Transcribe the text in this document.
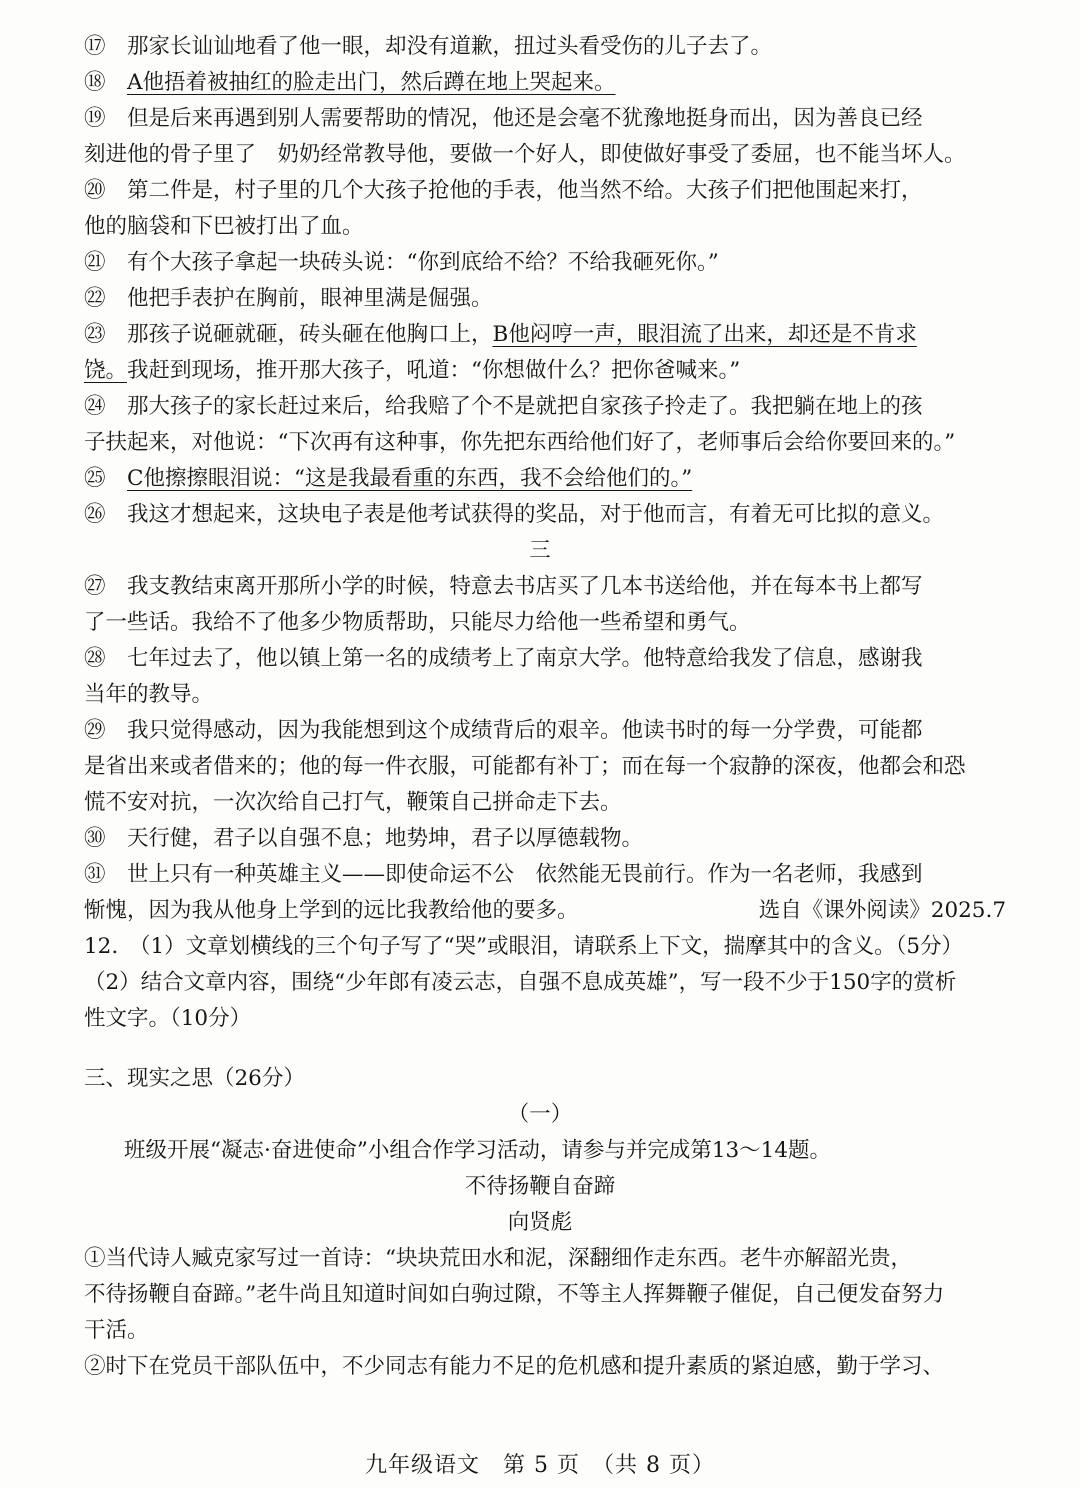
⑰　那家长讪讪地看了他一眼，却没有道歉，扭过头看受伤的儿子去了。
⑱　A他捂着被抽红的脸走出门，然后蹲在地上哭起来。
⑲　但是后来再遇到别人需要帮助的情况，他还是会毫不犹豫地挺身而出，因为善良已经
刻进他的骨子里了　奶奶经常教导他，要做一个好人，即使做好事受了委屈，也不能当坏人。
⑳　第二件是，村子里的几个大孩子抢他的手表，他当然不给。大孩子们把他围起来打，
他的脑袋和下巴被打出了血。
㉑　有个大孩子拿起一块砖头说：“你到底给不给？不给我砸死你。”
㉒　他把手表护在胸前，眼神里满是倔强。
㉓　那孩子说砸就砸，砖头砸在他胸口上，B他闷哼一声，眼泪流了出来，却还是不肯求
饶。我赶到现场，推开那大孩子，吼道：“你想做什么？把你爸喊来。”
㉔　那大孩子的家长赶过来后，给我赔了个不是就把自家孩子拎走了。我把躺在地上的孩
子扶起来，对他说：“下次再有这种事，你先把东西给他们好了，老师事后会给你要回来的。”
㉕　C他擦擦眼泪说：“这是我最看重的东西，我不会给他们的。”
㉖　我这才想起来，这块电子表是他考试获得的奖品，对于他而言，有着无可比拟的意义。
三
㉗　我支教结束离开那所小学的时候，特意去书店买了几本书送给他，并在每本书上都写
了一些话。我给不了他多少物质帮助，只能尽力给他一些希望和勇气。
㉘　七年过去了，他以镇上第一名的成绩考上了南京大学。他特意给我发了信息，感谢我
当年的教导。
㉙　我只觉得感动，因为我能想到这个成绩背后的艰辛。他读书时的每一分学费，可能都
是省出来或者借来的；他的每一件衣服，可能都有补丁；而在每一个寂静的深夜，他都会和恐
慌不安对抗，一次次给自己打气，鞭策自己拼命走下去。
㉚　天行健，君子以自强不息；地势坤，君子以厚德载物。
㉛　世上只有一种英雄主义——即使命运不公　依然能无畏前行。作为一名老师，我感到
惭愧，因为我从他身上学到的远比我教给他的要多。	选自《课外阅读》2025.7
12.　（1）文章划横线的三个句子写了“哭”或眼泪，请联系上下文，揣摩其中的含义。（5分）
（2）结合文章内容，围绕“少年郎有凌云志，自强不息成英雄”，写一段不少于150字的赏析
性文字。（10分）
三、现实之思（26分）
（一）
班级开展“凝志·奋进使命”小组合作学习活动，请参与并完成第13～14题。
不待扬鞭自奋蹄
向贤彪
①当代诗人臧克家写过一首诗：“块块荒田水和泥，深翻细作走东西。老牛亦解韶光贵，
不待扬鞭自奋蹄。”老牛尚且知道时间如白驹过隙，不等主人挥舞鞭子催促，自己便发奋努力
干活。
②时下在党员干部队伍中，不少同志有能力不足的危机感和提升素质的紧迫感，勤于学习、
九年级语文　第 5 页　（共 8 页）
